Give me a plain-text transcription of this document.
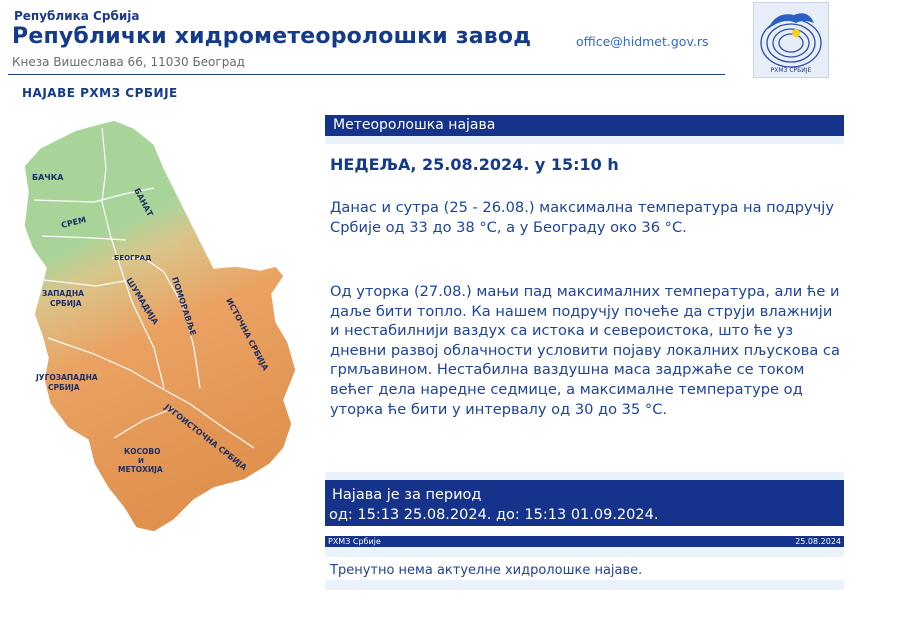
Република Србија
Републички хидрометеоролошки завод
Кнеза Вишеслава 66, 11030 Београд
office@hidmet.gov.rs
РХМЗ СРБИЈЕ
НАЈАВЕ РХМЗ СРБИЈЕ
БАЧКА
БАНАТ
СРЕМ
БЕОГРАД
ЗАПАДНА
СРБИЈА	ШУМАДИЈА ПОМОРАВЉЕ	ИСТОЧНА СРБИЈА
ЈУГОЗАПАДНА
СРБИЈА
ЈУГОИСТОЧНА СРБИЈА
КОСОВО
И
МЕТОХИЈА
Метеоролошка најава
НЕДЕЉА, 25.08.2024. у 15:10 h

Данас и сутра (25 - 26.08.) максимална температура на подручју Србије од 33 до 38 °C, а у Београду око 36 °C.

Од уторка (27.08.) мањи пад максималних температура, али ће и даље бити топло. Ка нашем подручју почеће да струји влажнији и нестабилнији ваздух са истока и североистока, што ће уз дневни развој облачности условити појаву локалних пљускова са грмљавином. Нестабилна ваздушна маса задржаће се током већег дела наредне седмице, а максималне температуре од уторка ће бити у интервалу од 30 до 35 °C.

Најава је за период
од: 15:13 25.08.2024. до: 15:13 01.09.2024.
РХМЗ Србије	25.08.2024
Тренутно нема актуелне хидролошке најаве.
